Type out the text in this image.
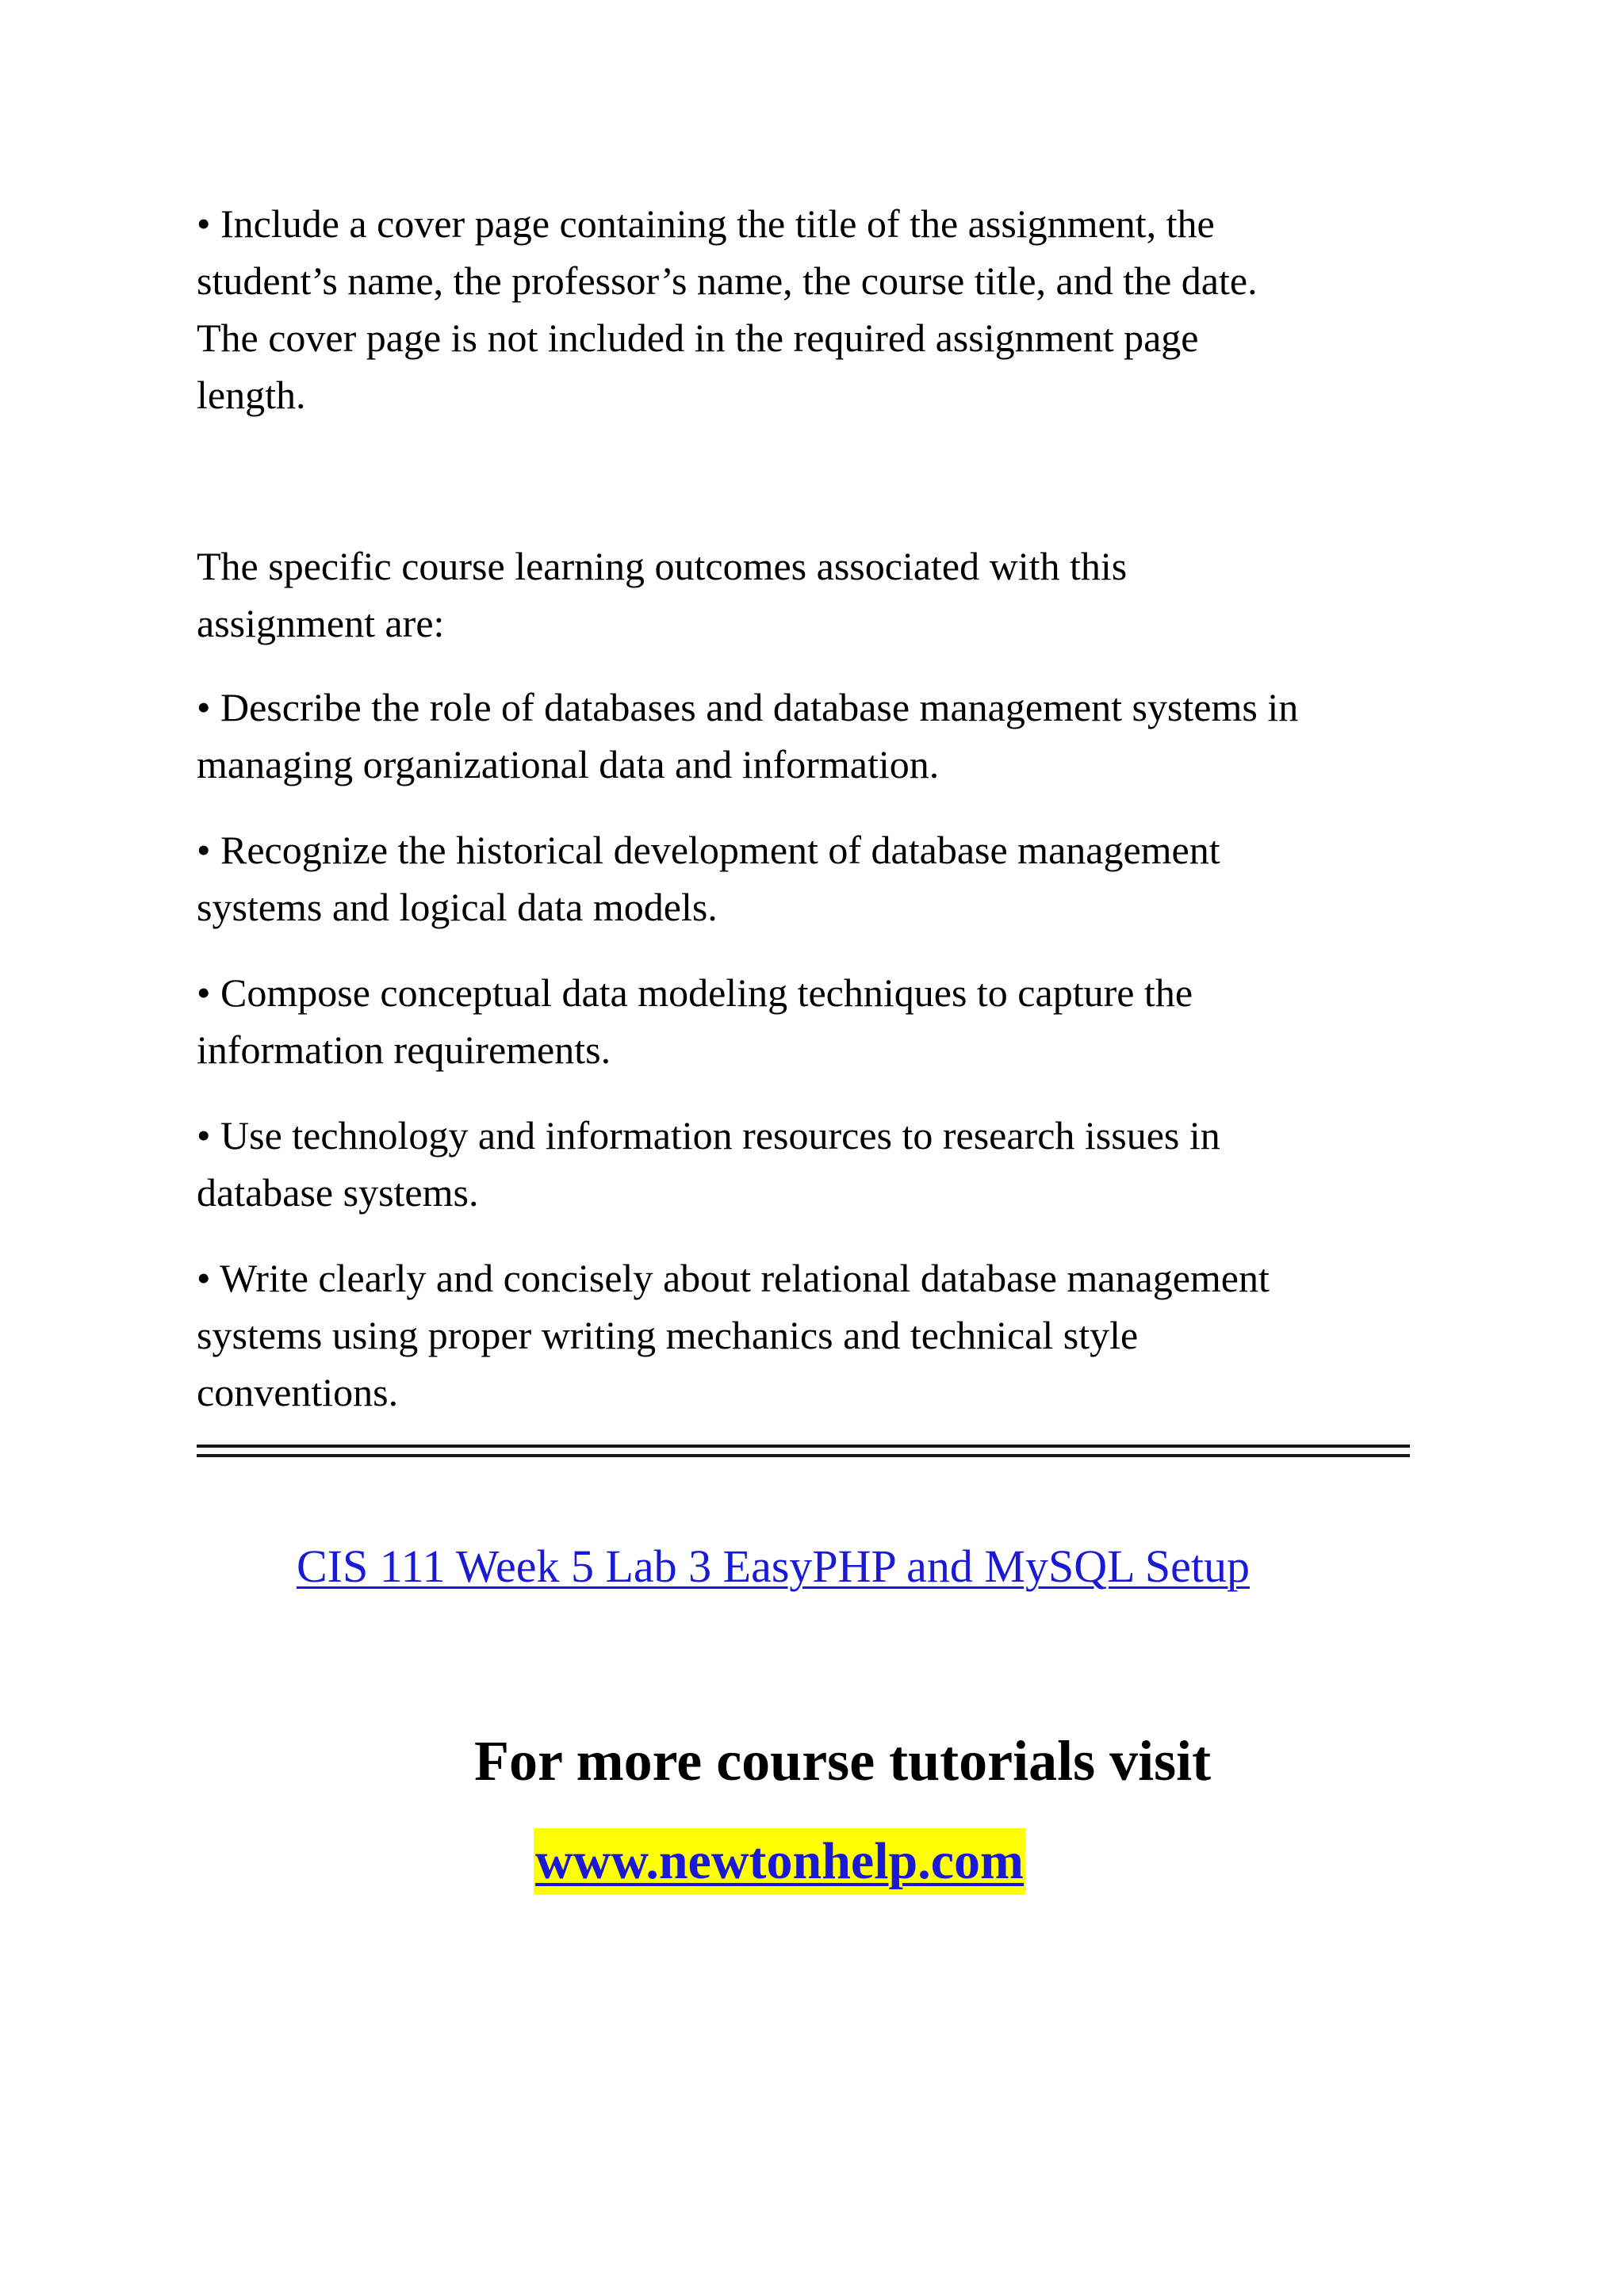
• Include a cover page containing the title of the assignment, the
student’s name, the professor’s name, the course title, and the date.
The cover page is not included in the required assignment page
length.
The specific course learning outcomes associated with this
assignment are:
• Describe the role of databases and database management systems in
managing organizational data and information.
• Recognize the historical development of database management
systems and logical data models.
• Compose conceptual data modeling techniques to capture the
information requirements.
• Use technology and information resources to research issues in
database systems.
• Write clearly and concisely about relational database management
systems using proper writing mechanics and technical style
conventions.
CIS 111 Week 5 Lab 3 EasyPHP and MySQL Setup
For more course tutorials visit
www.newtonhelp.com
